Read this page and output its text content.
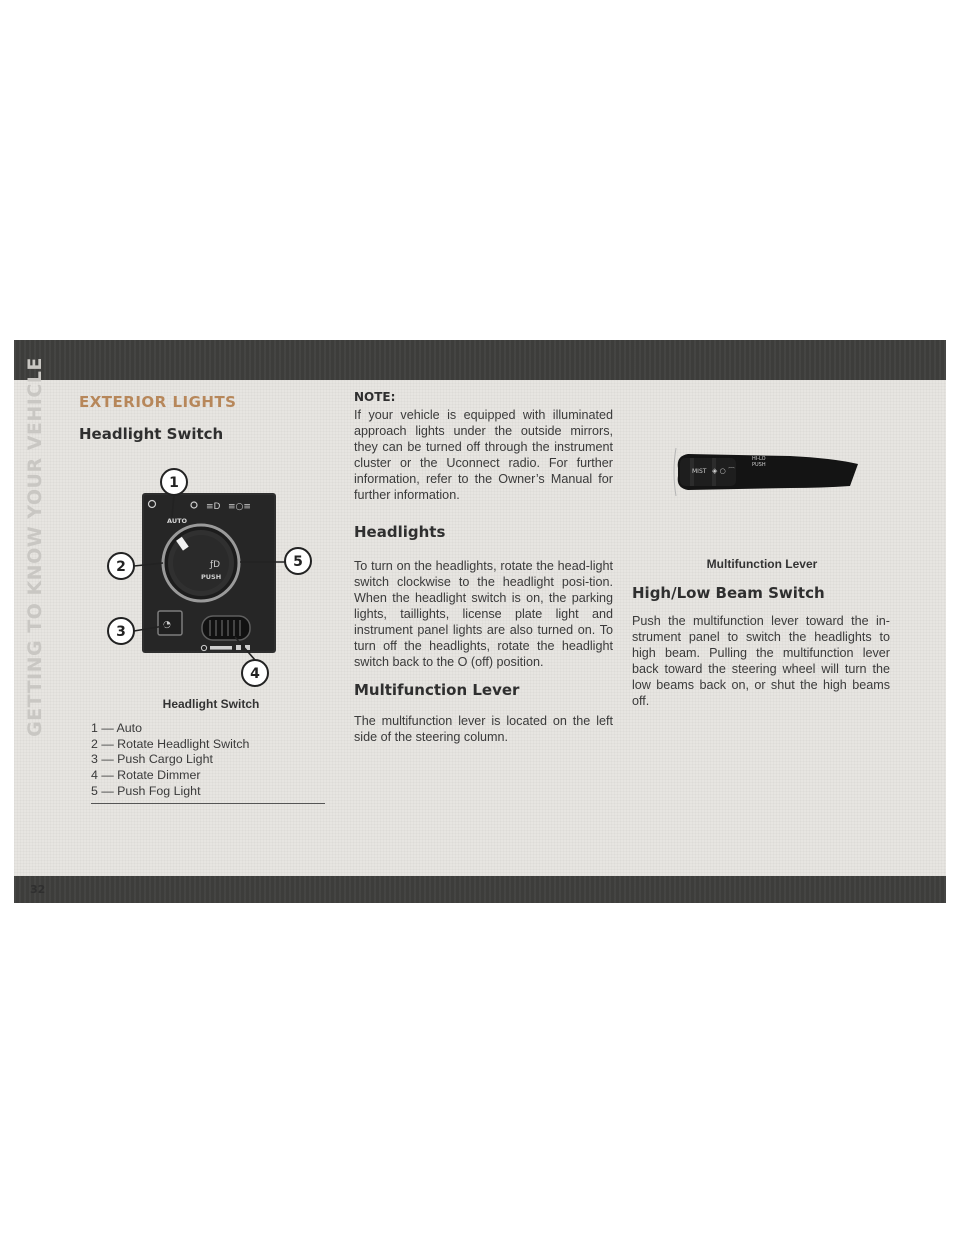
GETTING TO KNOW YOUR VEHICLE EXTERIOR LIGHTS
Headlight Switch
≡D ≡○≡
AUTO
ƒD
PUSH
◔
1
2
3
4
5
Headlight Switch
1 — Auto
2 — Rotate Headlight Switch
3 — Push Cargo Light
4 — Rotate Dimmer
5 — Push Fog Light
NOTE:

If your vehicle is equipped with illuminated approach lights under the outside mirrors, they can be turned off through the instrument cluster or the Uconnect radio. For further information, refer to the Owner’s Manual for further information.

Headlights

To turn on the headlights, rotate the head-light switch clockwise to the headlight posi-tion. When the headlight switch is on, the parking lights, taillights, license plate light and instrument panel lights are also turned on. To turn off the headlights, rotate the headlight switch back to the O (off) position.

Multifunction Lever

The multifunction lever is located on the left side of the steering column.

MIST ◈ ○ ⌒
HI-LO
PUSH
Multifunction Lever
High/Low Beam Switch

Push the multifunction lever toward the in-strument panel to switch the headlights to high beam. Pulling the multifunction lever back toward the steering wheel will turn the low beams back on, or shut the high beams off.

32
